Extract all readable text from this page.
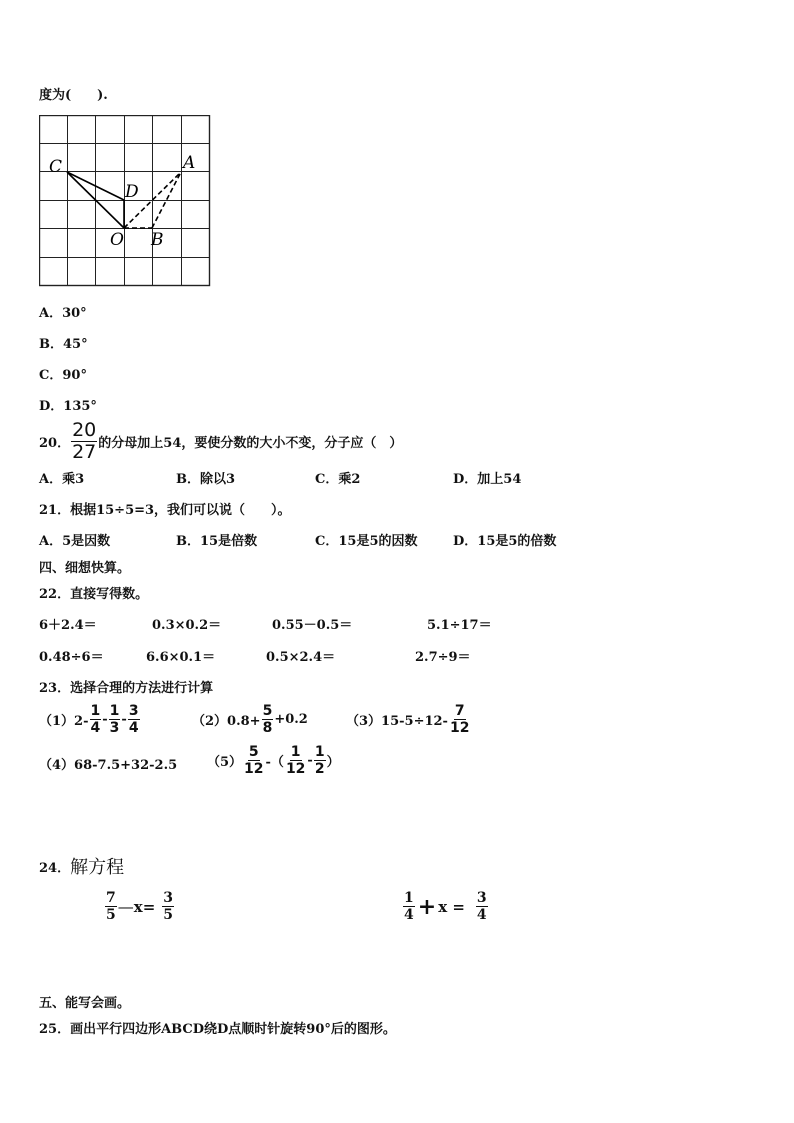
度为(　　).
C
D
A
O B
A．30°
B．45°
C．90°
D．135°
20． $\frac{20}{27}$ 的分母加上54，要使分数的大小不变，分子应（　）
A．乘3	B．除以3	C．乘2	D．加上54
21．根据15÷5=3，我们可以说（　　）。
A．5是因数	B．15是倍数	C．15是5的因数	D．15是5的倍数
四、细想快算。
22．直接写得数。
6＋2.4＝	0.3×0.2＝	0.55－0.5＝	5.1÷17＝
0.48÷6＝	6.6×0.1＝	0.5×2.4＝	2.7÷9＝
23．选择合理的方法进行计算
$(1)2- \frac{1}{4} - \frac{1}{3} - \frac{3}{4}$	$(2)0.8+ \frac{5}{8} +0.2$	$(3)15-5\div 12- \frac{7}{12}$
（4）68-7.5+32-2.5 $(5) \frac{5}{12}$ -（ $\frac{1}{12} - \frac{1}{2}$ ）
24． 解方程
$\frac{7}{5}$ — $x= \frac{3}{5}$	$\frac{1}{4} + x = \frac{3}{4}$
五、能写会画。
25．画出平行四边形ABCD绕D点顺时针旋转90°后的图形。
